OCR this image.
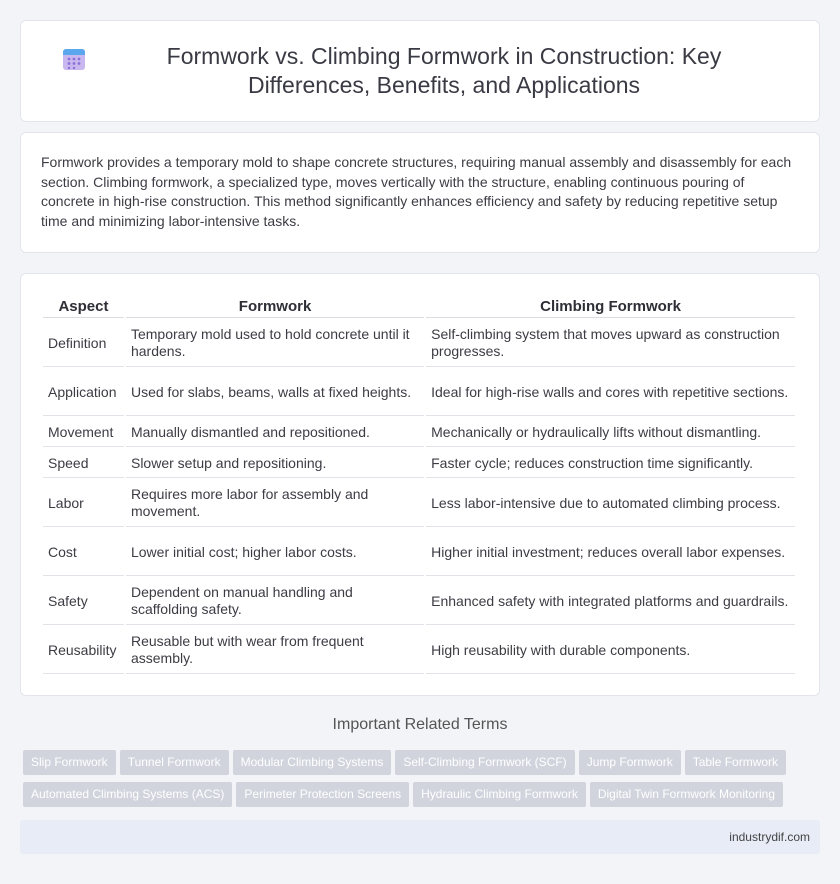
Formwork vs. Climbing Formwork in Construction: Key Differences, Benefits, and Applications

Formwork provides a temporary mold to shape concrete structures, requiring manual assembly and disassembly for each section. Climbing formwork, a specialized type, moves vertically with the structure, enabling continuous pouring of concrete in high-rise construction. This method significantly enhances efficiency and safety by reducing repetitive setup time and minimizing labor-intensive tasks.

Aspect	Formwork	Climbing Formwork
Definition	Temporary mold used to hold concrete until it hardens.	Self-climbing system that moves upward as construction progresses.
Application	Used for slabs, beams, walls at fixed heights.	Ideal for high-rise walls and cores with repetitive sections.
Movement	Manually dismantled and repositioned.	Mechanically or hydraulically lifts without dismantling.
Speed	Slower setup and repositioning.	Faster cycle; reduces construction time significantly.
Labor	Requires more labor for assembly and movement.	Less labor-intensive due to automated climbing process.
Cost	Lower initial cost; higher labor costs.	Higher initial investment; reduces overall labor expenses.
Safety	Dependent on manual handling and scaffolding safety.	Enhanced safety with integrated platforms and guardrails.
Reusability	Reusable but with wear from frequent assembly.	High reusability with durable components.
Important Related Terms
Slip Formwork Tunnel Formwork Modular Climbing Systems Self-Climbing Formwork (SCF) Jump Formwork Table Formwork
Automated Climbing Systems (ACS) Perimeter Protection Screens Hydraulic Climbing Formwork Digital Twin Formwork Monitoring
industrydif.com
